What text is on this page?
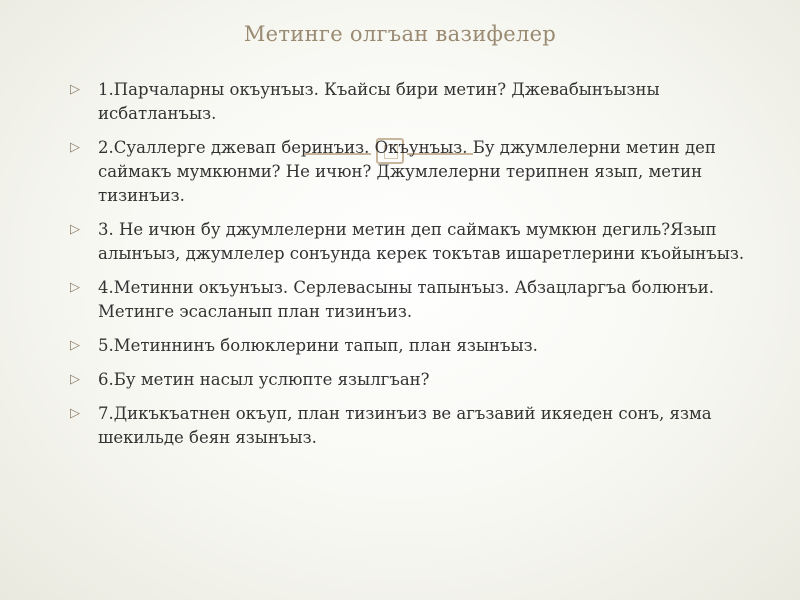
Метинге олгъан вазифелер
▷ 1.Парчаларны окъунъыз. Къайсы бири метин? Джевабынъызны исбатланъыз.
▷ 2.Суаллерге джевап беринъиз. Окъунъыз. Бу джумлелерни метин деп саймакъ мумкюнми? Не ичюн? Джумлелерни терипнен язып, метин тизинъиз.
▷ 3. Не ичюн бу джумлелерни метин деп саймакъ мумкюн дегиль?Язып алынъыз, джумлелер сонъунда керек токътав ишаретлерини къойынъыз.
▷ 4.Метинни окъунъыз. Серлевасыны тапынъыз. Абзацларгъа болюнъи. Метинге эсасланып план тизинъиз.
▷ 5.Метиннинъ болюклерини тапып, план язынъыз.
▷ 6.Бу метин насыл услюпте язылгъан?
▷ 7.Дикъкъатнен окъуп, план тизинъиз ве агъзавий икяеден сонъ, язма шекильде беян язынъыз.
